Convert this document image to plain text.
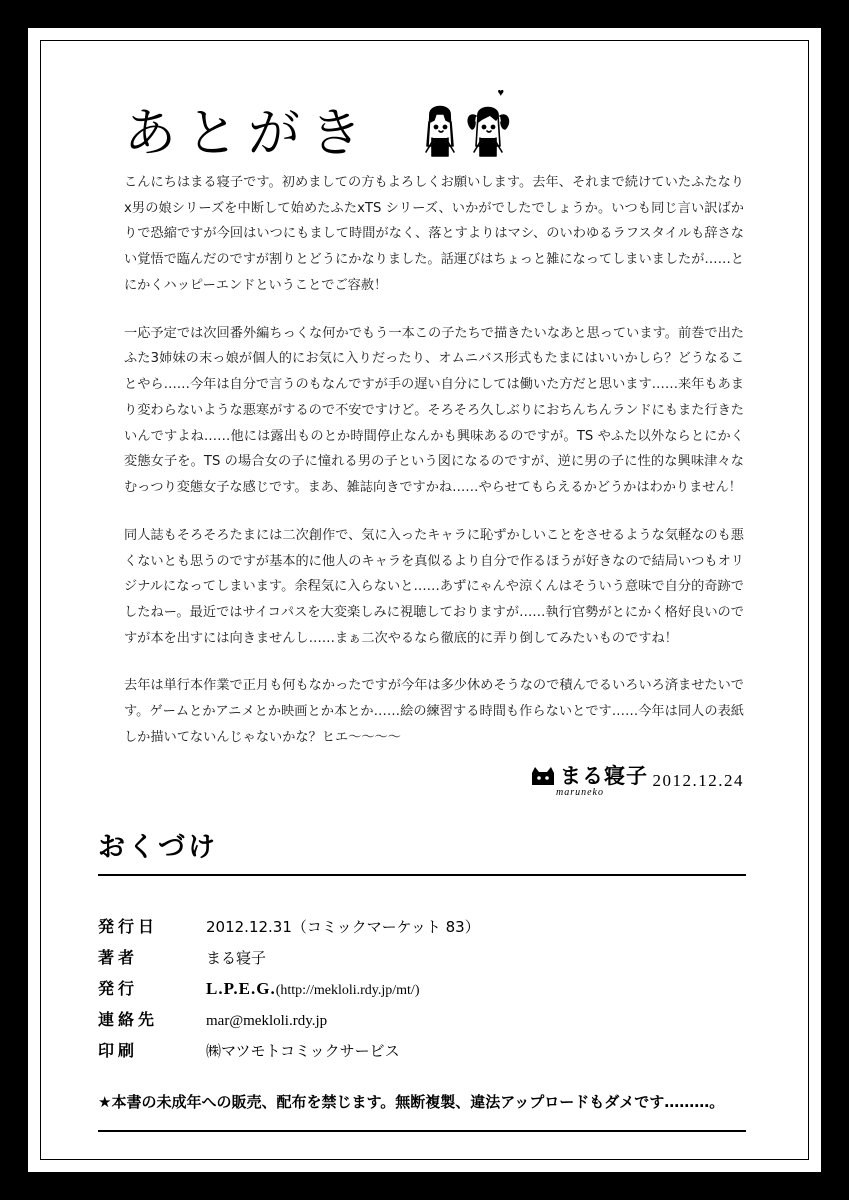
あとがき
♥

こんにちはまる寝子です。初めましての方もよろしくお願いします。去年、それまで続けていたふたなりx男の娘シリーズを中断して始めたふたxTS シリーズ、いかがでしたでしょうか。いつも同じ言い訳ばかりで恐縮ですが今回はいつにもまして時間がなく、落とすよりはマシ、のいわゆるラフスタイルも辞さない覚悟で臨んだのですが割りとどうにかなりました。話運びはちょっと雑になってしまいましたが……とにかくハッピーエンドということでご容赦！

一応予定では次回番外編ちっくな何かでもう一本この子たちで描きたいなあと思っています。前巻で出たふた3姉妹の末っ娘が個人的にお気に入りだったり、オムニバス形式もたまにはいいかしら？どうなることやら……今年は自分で言うのもなんですが手の遅い自分にしては働いた方だと思います……来年もあまり変わらないような悪寒がするので不安ですけど。そろそろ久しぶりにおちんちんランドにもまた行きたいんですよね……他には露出ものとか時間停止なんかも興味あるのですが。TS やふた以外ならとにかく変態女子を。TS の場合女の子に憧れる男の子という図になるのですが、逆に男の子に性的な興味津々なむっつり変態女子な感じです。まあ、雑誌向きですかね……やらせてもらえるかどうかはわかりません！

同人誌もそろそろたまには二次創作で、気に入ったキャラに恥ずかしいことをさせるような気軽なのも悪くないとも思うのですが基本的に他人のキャラを真似るより自分で作るほうが好きなので結局いつもオリジナルになってしまいます。余程気に入らないと……あずにゃんや涼くんはそういう意味で自分的奇跡でしたねー。最近ではサイコパスを大変楽しみに視聴しておりますが……執行官勢がとにかく格好良いのですが本を出すには向きませんし……まぁ二次やるなら徹底的に弄り倒してみたいものですね！

去年は単行本作業で正月も何もなかったですが今年は多少休めそうなので積んでるいろいろ済ませたいです。ゲームとかアニメとか映画とか本とか……絵の練習する時間も作らないとです……今年は同人の表紙しか描いてないんじゃないかな？ヒエ～～～～

まる寝子
maruneko
2012.12.24
おくづけ
発行日	2012.12.31（コミックマーケット 83）
著者	まる寝子
発行	L.P.E.G.(http://mekloli.rdy.jp/mt/)
連絡先	mar@mekloli.rdy.jp
印刷	㈱マツモトコミックサービス
★本書の未成年への販売、配布を禁じます。無断複製、違法アップロードもダメです………。
